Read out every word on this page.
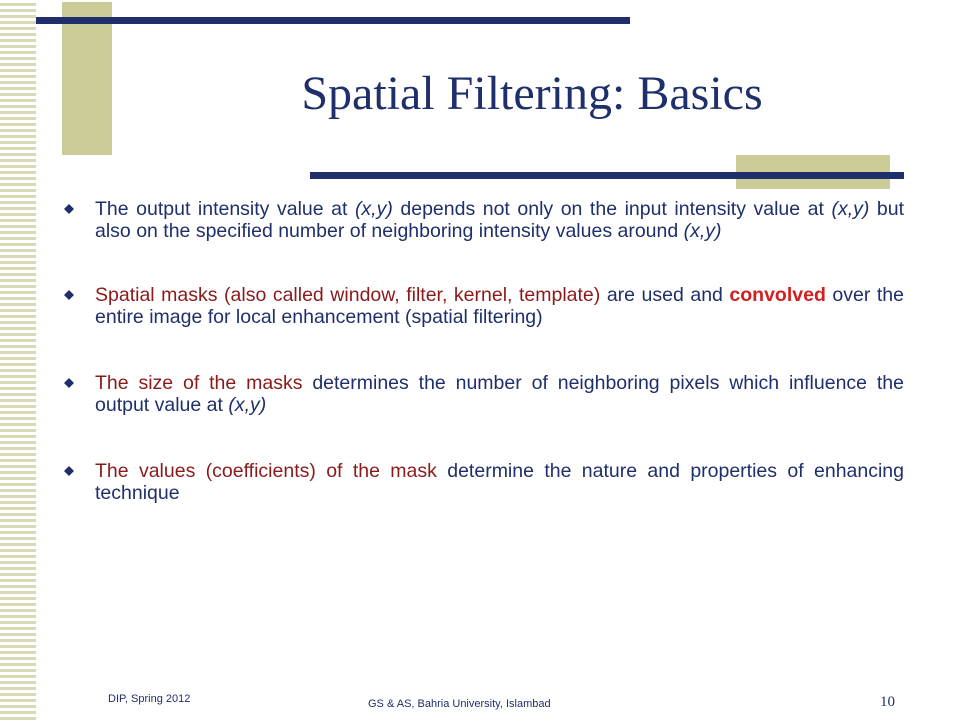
Spatial Filtering: Basics
The output intensity value at (x,y) depends not only on the input intensity value at (x,y) but also on the specified number of neighboring intensity values around (x,y)
Spatial masks (also called window, filter, kernel, template) are used and convolved over the entire image for local enhancement (spatial filtering)
The size of the masks determines the number of neighboring pixels which influence the output value at (x,y)
The values (coefficients) of the mask determine the nature and properties of enhancing technique
DIP, Spring 2012	GS & AS, Bahria University, Islambad	10
